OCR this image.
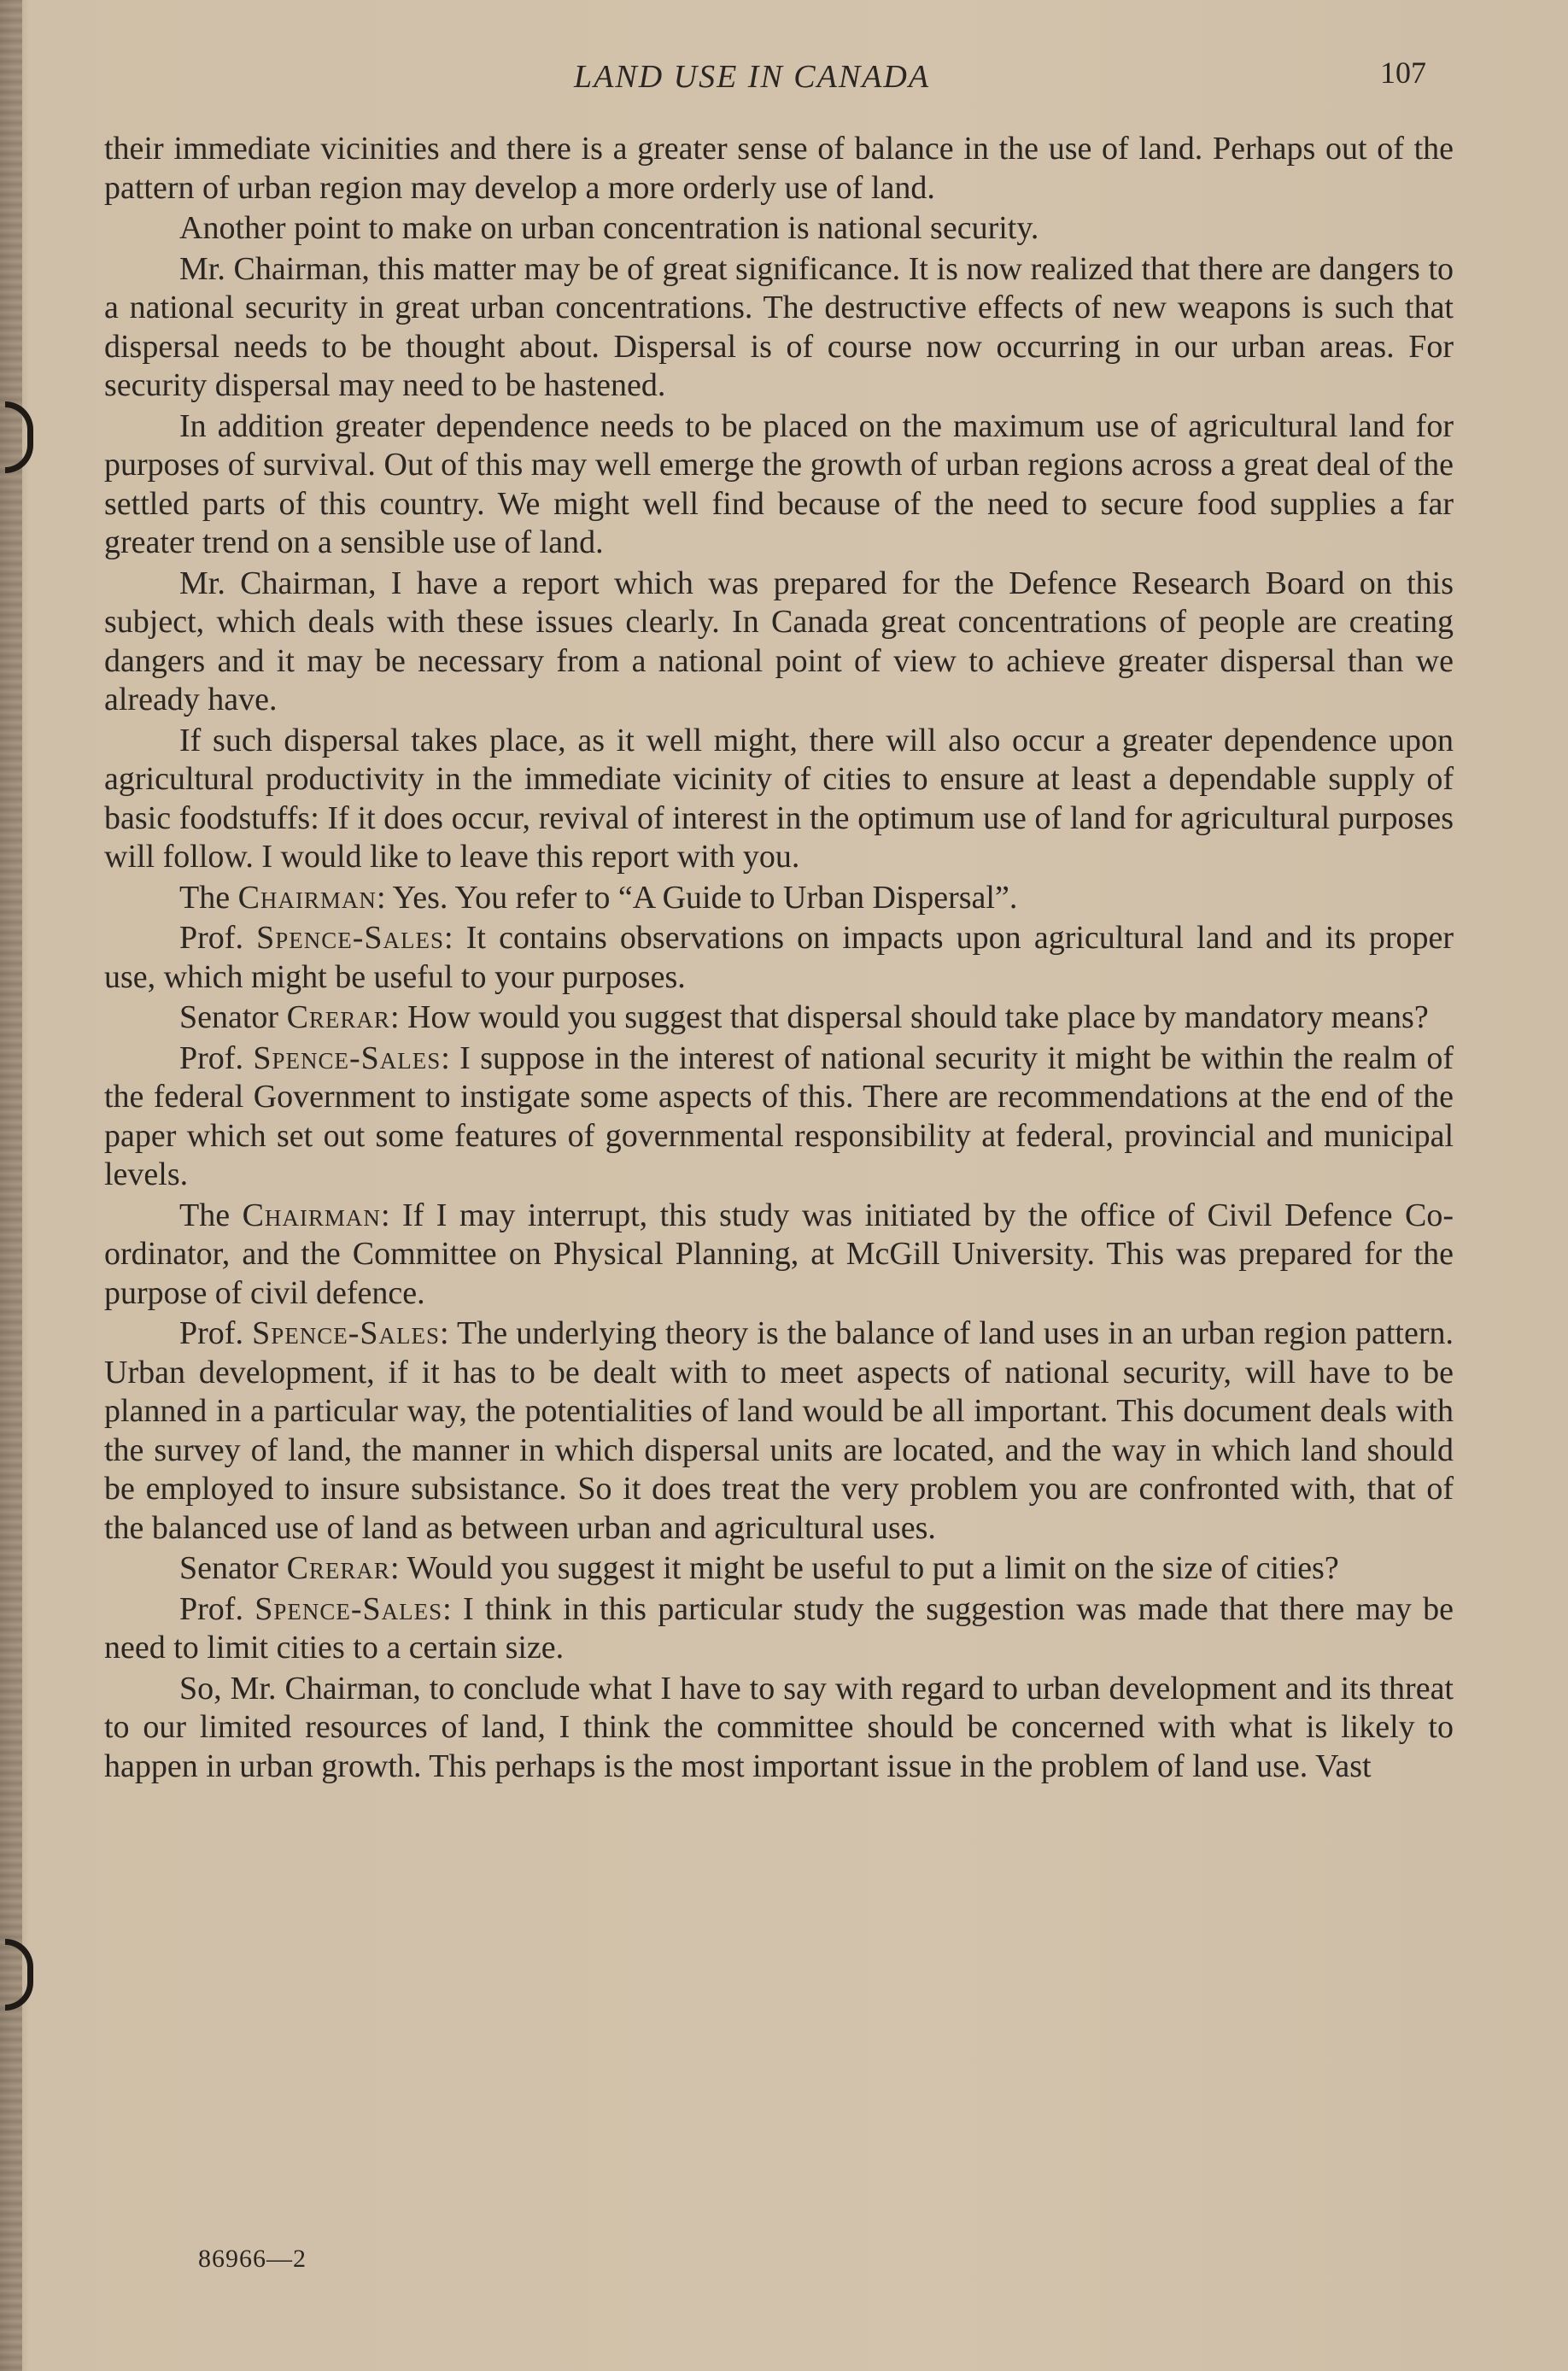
LAND USE IN CANADA	107

their immediate vicinities and there is a greater sense of balance in the use of land. Perhaps out of the pattern of urban region may develop a more orderly use of land.

Another point to make on urban concentration is national security.

Mr. Chairman, this matter may be of great significance. It is now realized that there are dangers to a national security in great urban concentrations. The destructive effects of new weapons is such that dispersal needs to be thought about. Dispersal is of course now occurring in our urban areas. For security dispersal may need to be hastened.

In addition greater dependence needs to be placed on the maximum use of agricultural land for purposes of survival. Out of this may well emerge the growth of urban regions across a great deal of the settled parts of this country. We might well find because of the need to secure food supplies a far greater trend on a sensible use of land.

Mr. Chairman, I have a report which was prepared for the Defence Research Board on this subject, which deals with these issues clearly. In Canada great concentrations of people are creating dangers and it may be necessary from a national point of view to achieve greater dispersal than we already have.

If such dispersal takes place, as it well might, there will also occur a greater dependence upon agricultural productivity in the immediate vicinity of cities to ensure at least a dependable supply of basic foodstuffs: If it does occur, revival of interest in the optimum use of land for agricultural purposes will follow. I would like to leave this report with you.

The Chairman: Yes. You refer to “A Guide to Urban Dispersal”.

Prof. Spence-Sales: It contains observations on impacts upon agricultural land and its proper use, which might be useful to your purposes.

Senator Crerar: How would you suggest that dispersal should take place by mandatory means?

Prof. Spence-Sales: I suppose in the interest of national security it might be within the realm of the federal Government to instigate some aspects of this. There are recommendations at the end of the paper which set out some features of governmental responsibility at federal, provincial and municipal levels.

The Chairman: If I may interrupt, this study was initiated by the office of Civil Defence Co-ordinator, and the Committee on Physical Planning, at McGill University. This was prepared for the purpose of civil defence.

Prof. Spence-Sales: The underlying theory is the balance of land uses in an urban region pattern. Urban development, if it has to be dealt with to meet aspects of national security, will have to be planned in a particular way, the potentialities of land would be all important. This document deals with the survey of land, the manner in which dispersal units are located, and the way in which land should be employed to insure subsistance. So it does treat the very problem you are confronted with, that of the balanced use of land as between urban and agricultural uses.

Senator Crerar: Would you suggest it might be useful to put a limit on the size of cities?

Prof. Spence-Sales: I think in this particular study the suggestion was made that there may be need to limit cities to a certain size.

So, Mr. Chairman, to conclude what I have to say with regard to urban development and its threat to our limited resources of land, I think the committee should be concerned with what is likely to happen in urban growth. This perhaps is the most important issue in the problem of land use. Vast

86966—2
